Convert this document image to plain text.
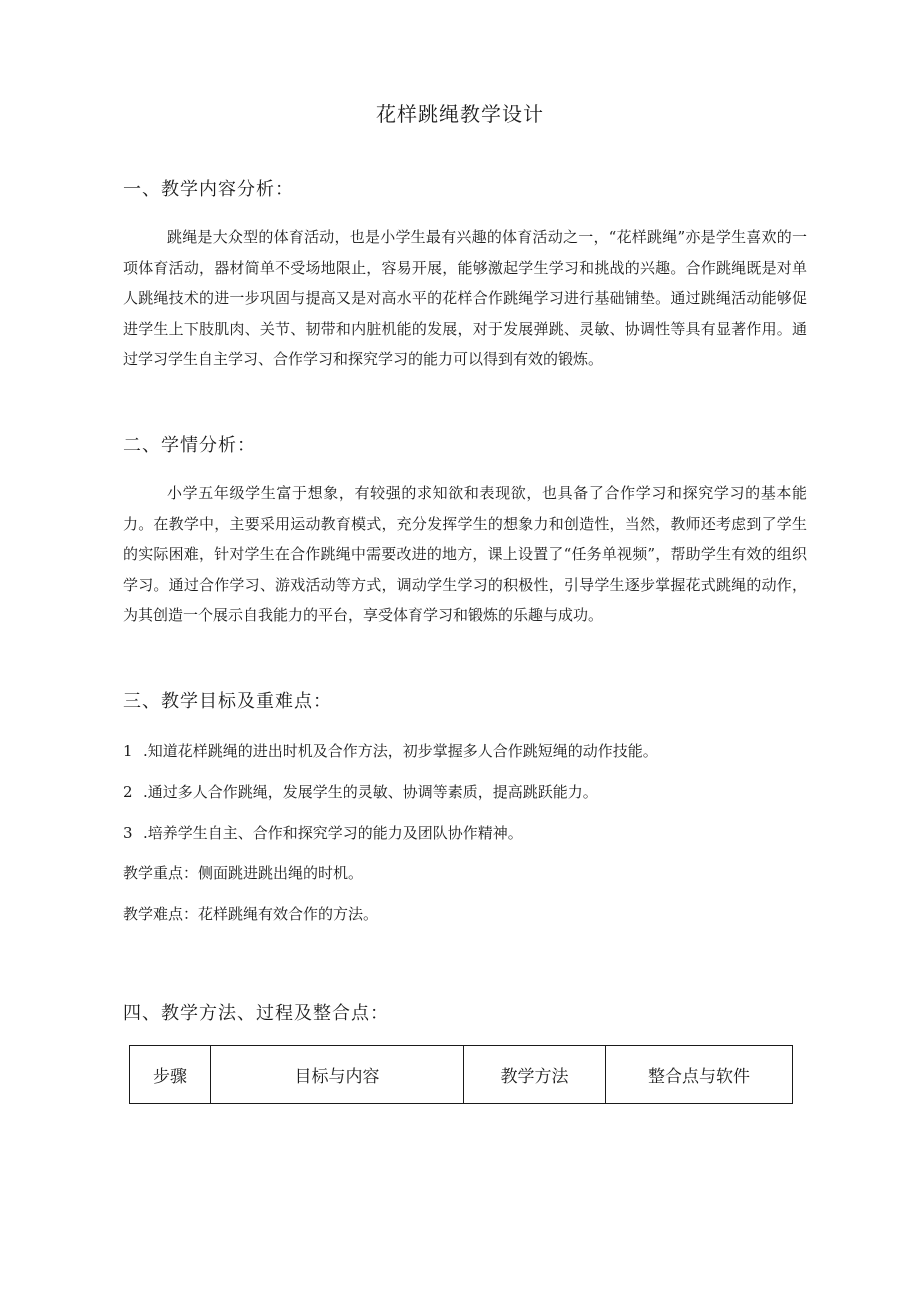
花样跳绳教学设计
一、教学内容分析：
跳绳是大众型的体育活动，也是小学生最有兴趣的体育活动之一，“花样跳绳”亦是学生喜欢的一项体育活动，器材简单不受场地限止，容易开展，能够激起学生学习和挑战的兴趣。合作跳绳既是对单人跳绳技术的进一步巩固与提高又是对高水平的花样合作跳绳学习进行基础铺垫。通过跳绳活动能够促进学生上下肢肌肉、关节、韧带和内脏机能的发展，对于发展弹跳、灵敏、协调性等具有显著作用。通过学习学生自主学习、合作学习和探究学习的能力可以得到有效的锻炼。
二、学情分析：
小学五年级学生富于想象，有较强的求知欲和表现欲，也具备了合作学习和探究学习的基本能力。在教学中，主要采用运动教育模式，充分发挥学生的想象力和创造性，当然，教师还考虑到了学生的实际困难，针对学生在合作跳绳中需要改进的地方，课上设置了“任务单视频”，帮助学生有效的组织学习。通过合作学习、游戏活动等方式，调动学生学习的积极性，引导学生逐步掌握花式跳绳的动作，为其创造一个展示自我能力的平台，享受体育学习和锻炼的乐趣与成功。
三、教学目标及重难点：
1 .知道花样跳绳的进出时机及合作方法，初步掌握多人合作跳短绳的动作技能。
2 .通过多人合作跳绳，发展学生的灵敏、协调等素质，提高跳跃能力。
3 .培养学生自主、合作和探究学习的能力及团队协作精神。
教学重点：侧面跳进跳出绳的时机。
教学难点：花样跳绳有效合作的方法。
四、教学方法、过程及整合点：
步骤	目标与内容	教学方法	整合点与软件
